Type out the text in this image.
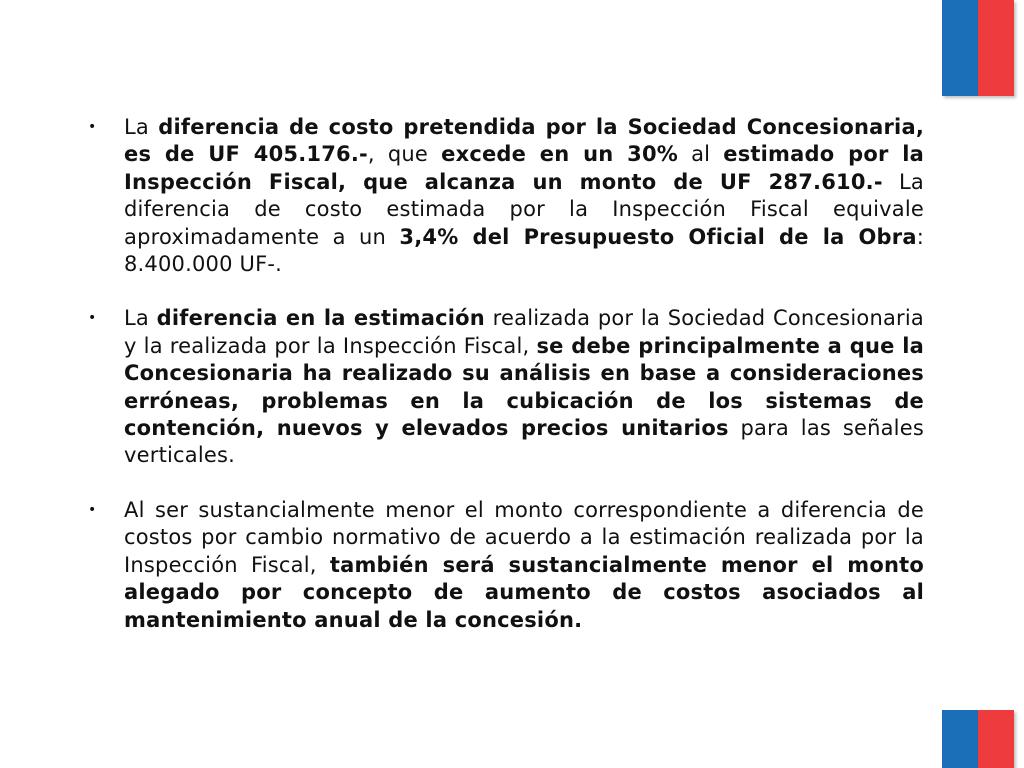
•	La diferencia de costo pretendida por la Sociedad Concesionaria, es de UF 405.176.-, que excede en un 30% al estimado por la Inspección Fiscal, que alcanza un monto de UF 287.610.- La diferencia de costo estimada por la Inspección Fiscal equivale aproximadamente a un 3,4% del Presupuesto Oficial de la Obra: 8.400.000 UF-.
•	La diferencia en la estimación realizada por la Sociedad Concesionaria y la realizada por la Inspección Fiscal, se debe principalmente a que la Concesionaria ha realizado su análisis en base a consideraciones erróneas, problemas en la cubicación de los sistemas de contención, nuevos y elevados precios unitarios para las señales verticales.
•	Al ser sustancialmente menor el monto correspondiente a diferencia de costos por cambio normativo de acuerdo a la estimación realizada por la Inspección Fiscal, también será sustancialmente menor el monto alegado por concepto de aumento de costos asociados al mantenimiento anual de la concesión.
